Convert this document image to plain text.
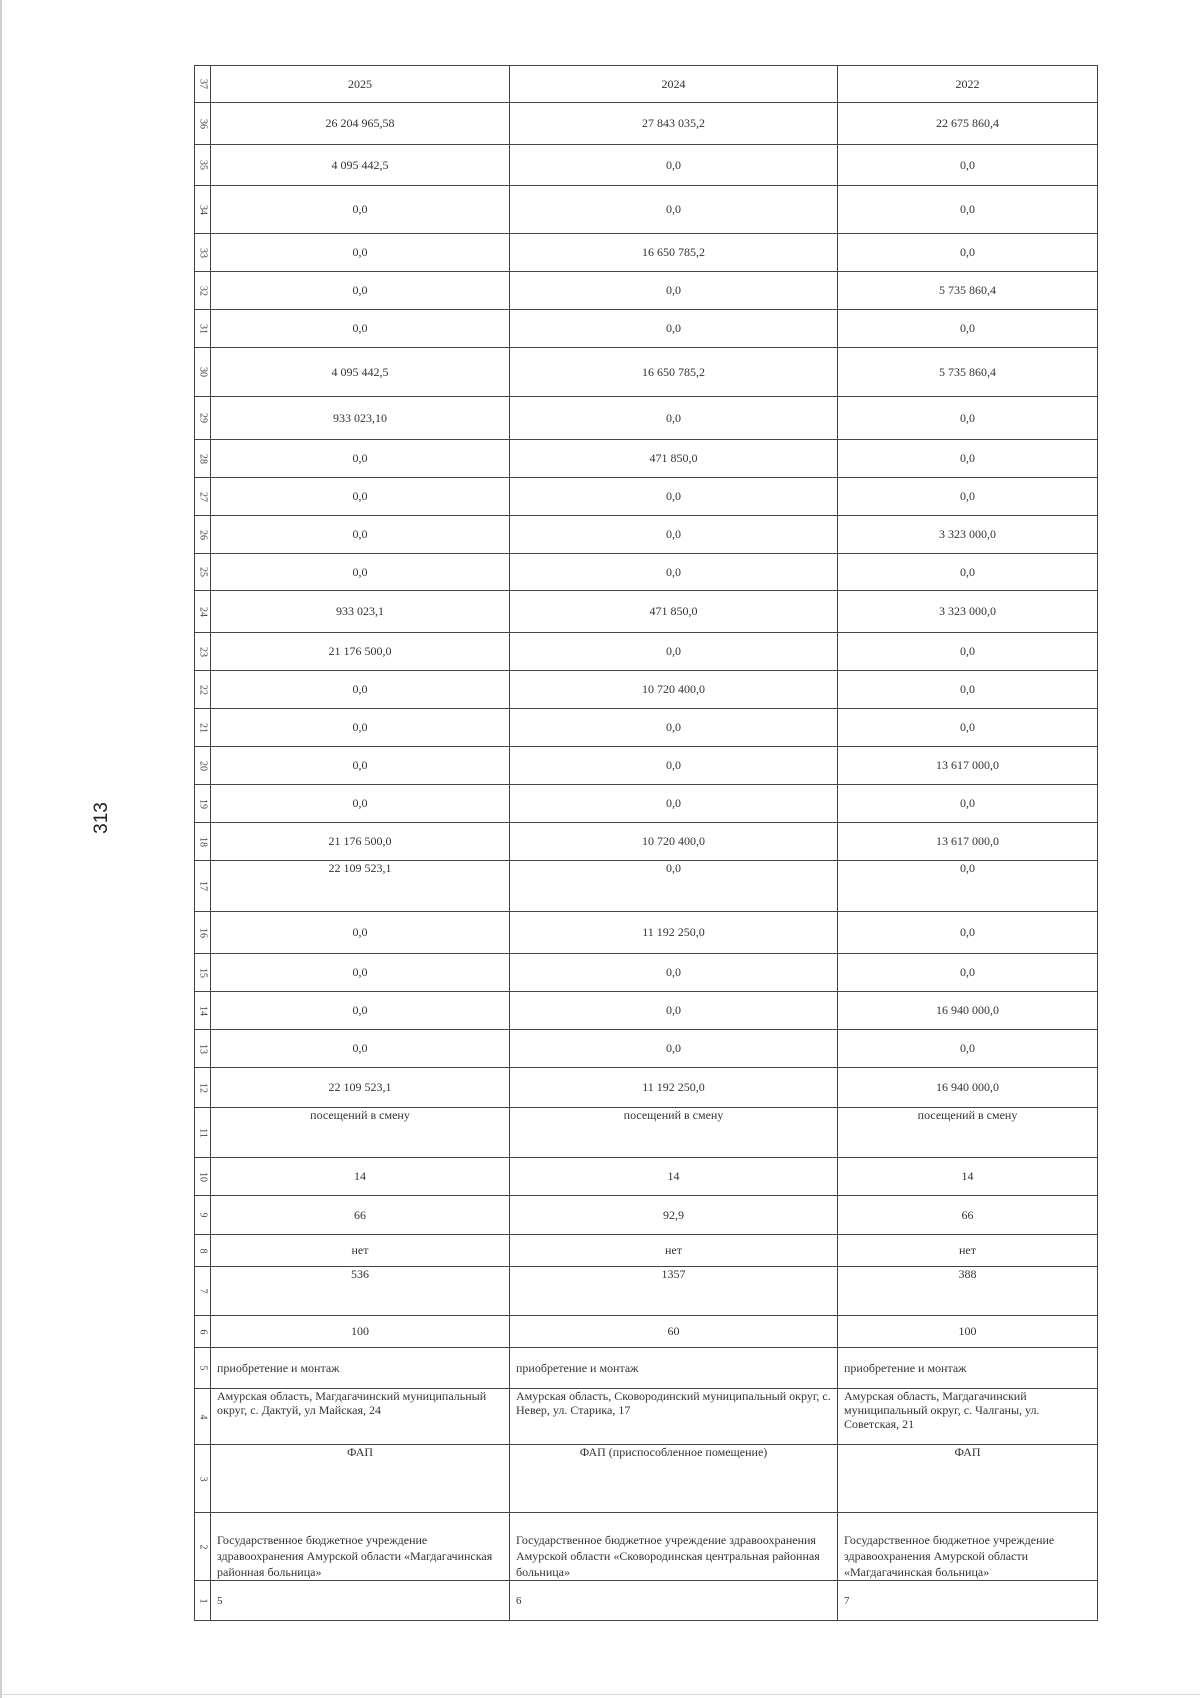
313
37	2025	2024	2022

36	26 204 965,58	27 843 035,2	22 675 860,4

35	4 095 442,5	0,0	0,0

34	0,0	0,0	0,0

33	0,0	16 650 785,2	0,0

32	0,0	0,0	5 735 860,4

31	0,0	0,0	0,0

30	4 095 442,5	16 650 785,2	5 735 860,4

29	933 023,10	0,0	0,0

28	0,0	471 850,0	0,0

27	0,0	0,0	0,0

26	0,0	0,0	3 323 000,0

25	0,0	0,0	0,0

24	933 023,1	471 850,0	3 323 000,0

23	21 176 500,0	0,0	0,0

22	0,0	10 720 400,0	0,0

21	0,0	0,0	0,0

20	0,0	0,0	13 617 000,0

19	0,0	0,0	0,0

18	21 176 500,0	10 720 400,0	13 617 000,0

17	22 109 523,1	0,0	0,0

16	0,0	11 192 250,0	0,0

15	0,0	0,0	0,0

14	0,0	0,0	16 940 000,0

13	0,0	0,0	0,0

12	22 109 523,1	11 192 250,0	16 940 000,0

11	посещений в смену	посещений в смену	посещений в смену

10	14	14	14

9	66	92,9	66

8	нет	нет	нет

7	536	1357	388

6	100	60	100

5	приобретение и монтаж	приобретение и монтаж	приобретение и монтаж

4	Амурская область, Магдагачинский муниципальный округ, с. Дактуй, ул Майская, 24	Амурская область, Сковородинский муниципальный округ, с. Невер, ул. Старика, 17	Амурская область, Магдагачинский муниципальный округ, с. Чалганы, ул. Советская, 21

3	ФАП	ФАП (приспособленное помещение)	ФАП

2	Государственное бюджетное учреждение здравоохранения Амурской области «Магдагачинская районная больница»	Государственное бюджетное учреждение здравоохранения Амурской области «Сковородинская центральная районная больница»	Государственное бюджетное учреждение здравоохранения Амурской области «Магдагачинская больница»

1	5	6	7
